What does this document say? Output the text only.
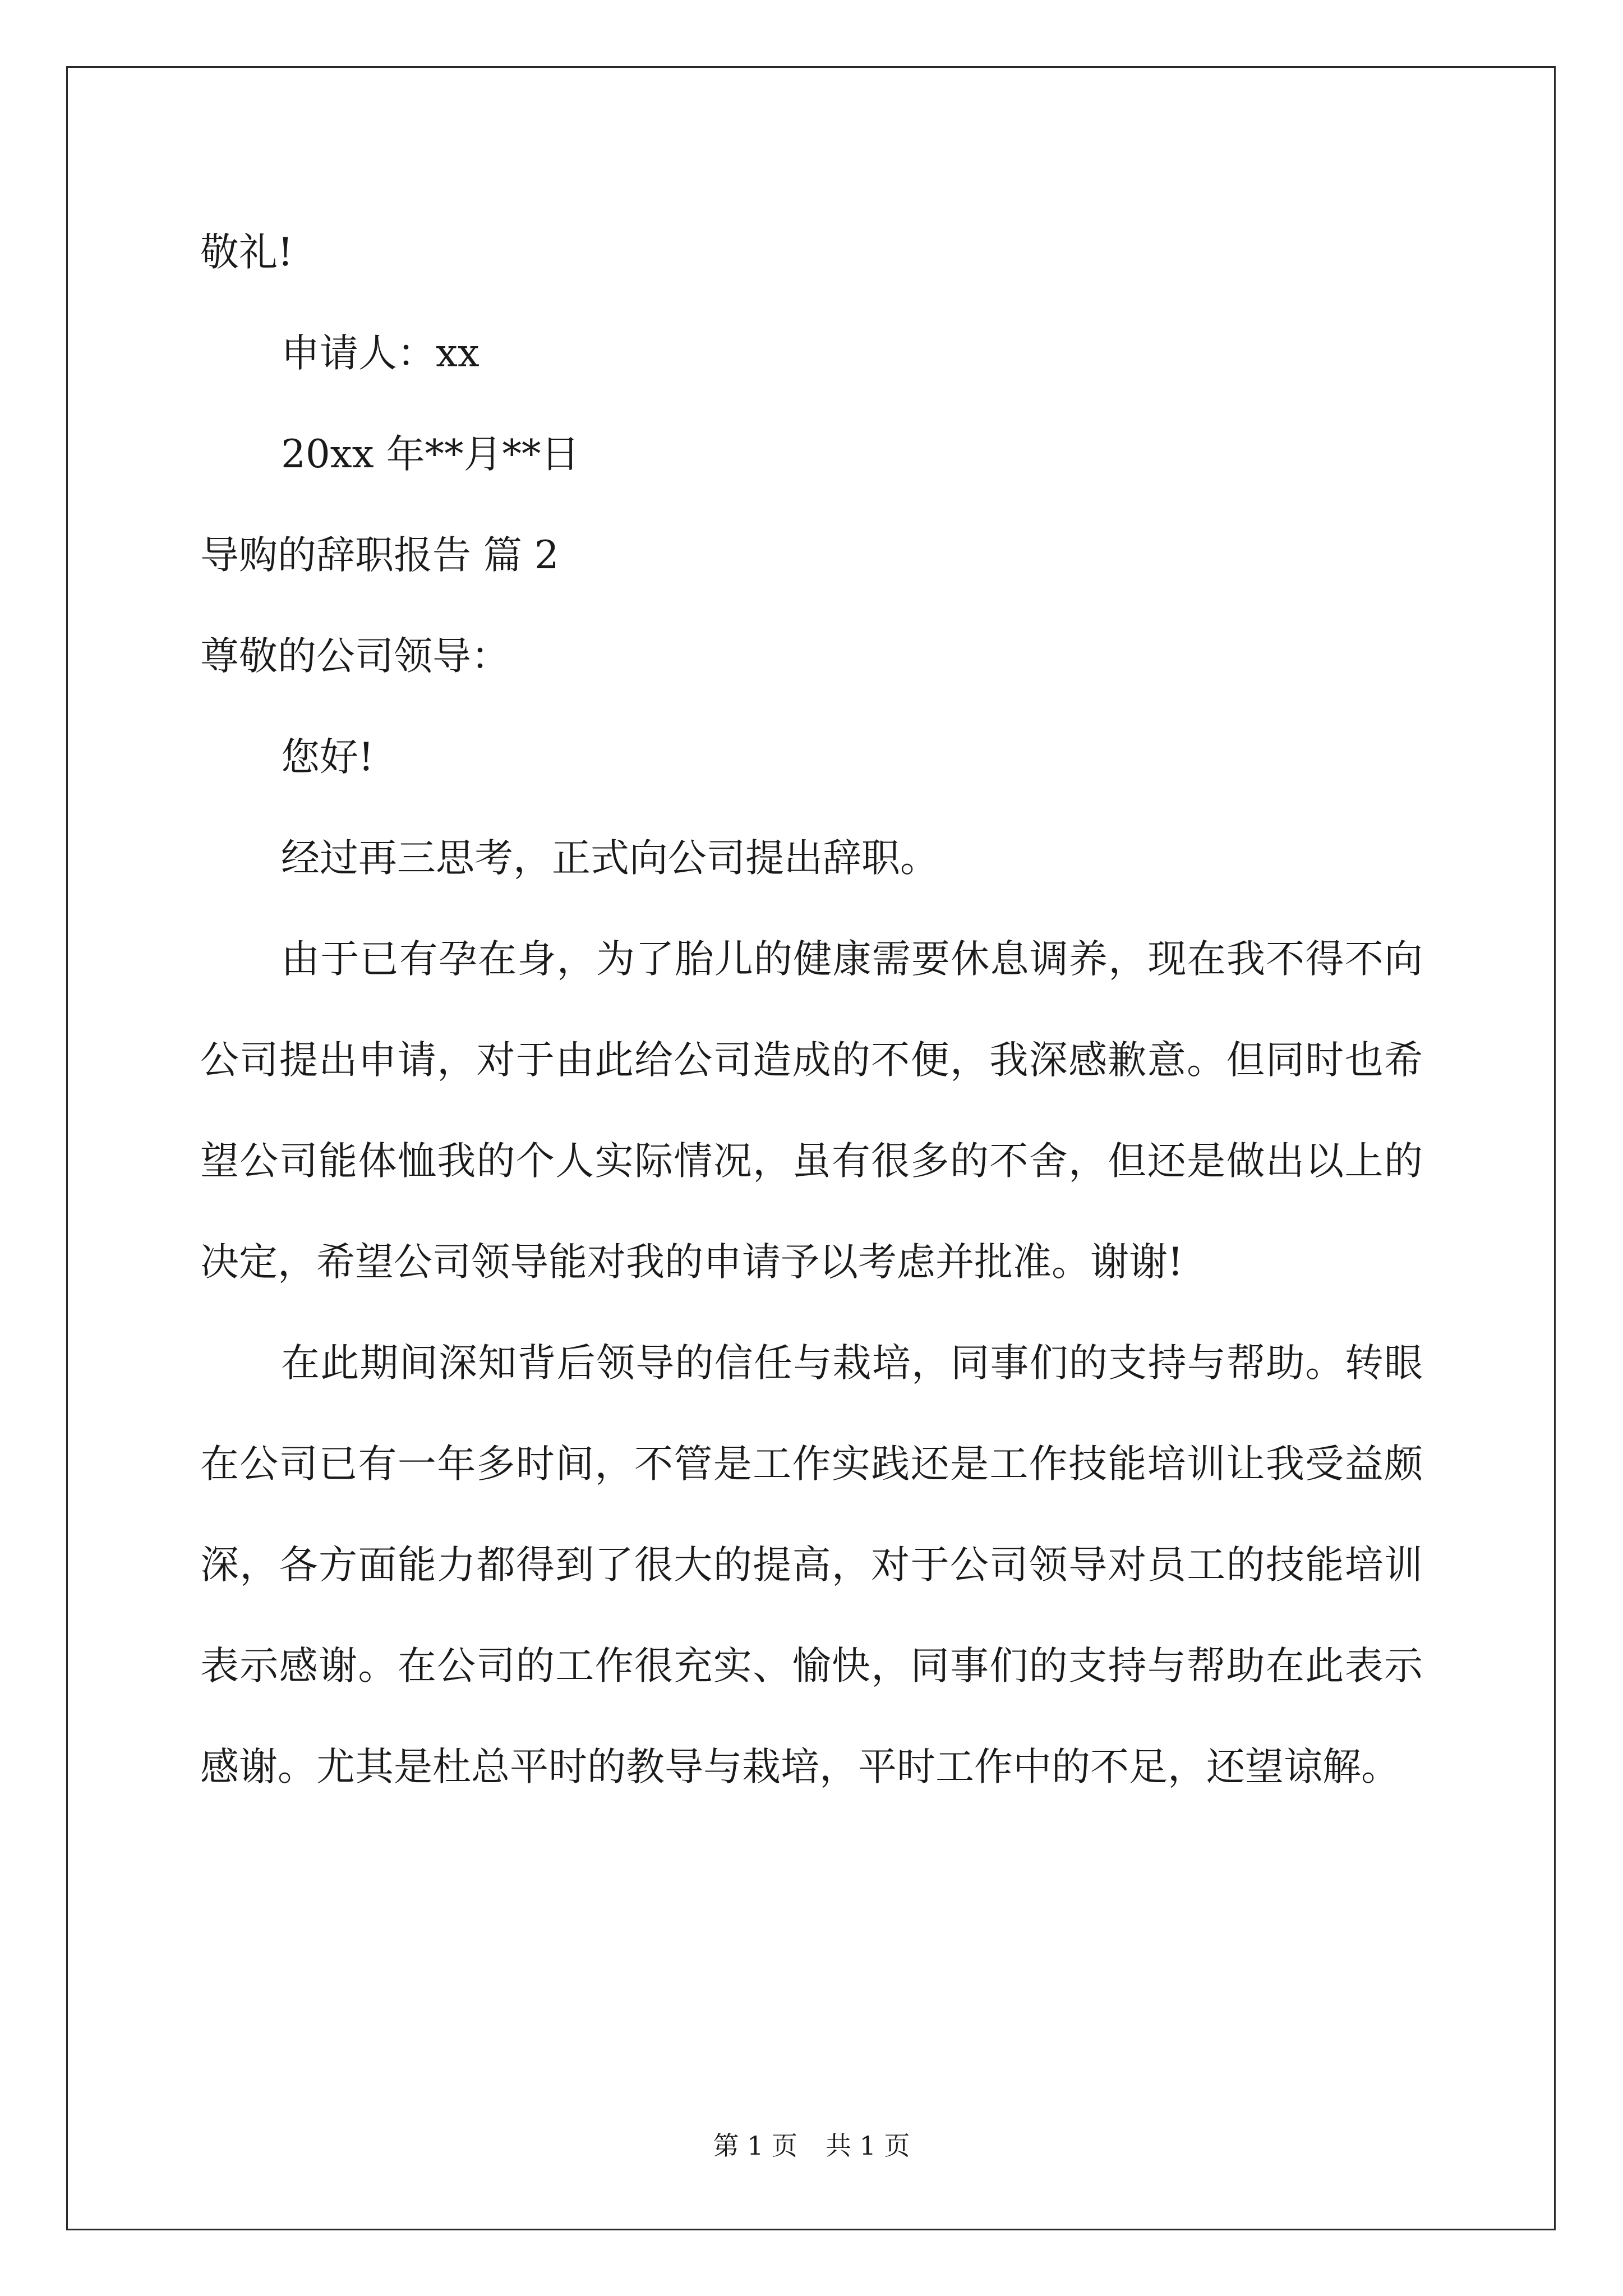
敬礼!

申请人：xx

20xx 年**月**日

导购的辞职报告 篇 2

尊敬的公司领导：

您好!

经过再三思考，正式向公司提出辞职。

由于已有孕在身，为了胎儿的健康需要休息调养，现在我不得不向公司提出申请，对于由此给公司造成的不便，我深感歉意。但同时也希望公司能体恤我的个人实际情况，虽有很多的不舍，但还是做出以上的决定，希望公司领导能对我的申请予以考虑并批准。谢谢!

在此期间深知背后领导的信任与栽培，同事们的支持与帮助。转眼在公司已有一年多时间，不管是工作实践还是工作技能培训让我受益颇深，各方面能力都得到了很大的提高，对于公司领导对员工的技能培训表示感谢。在公司的工作很充实、愉快，同事们的支持与帮助在此表示感谢。尤其是杜总平时的教导与栽培，平时工作中的不足，还望谅解。

第 1 页 共 1 页
